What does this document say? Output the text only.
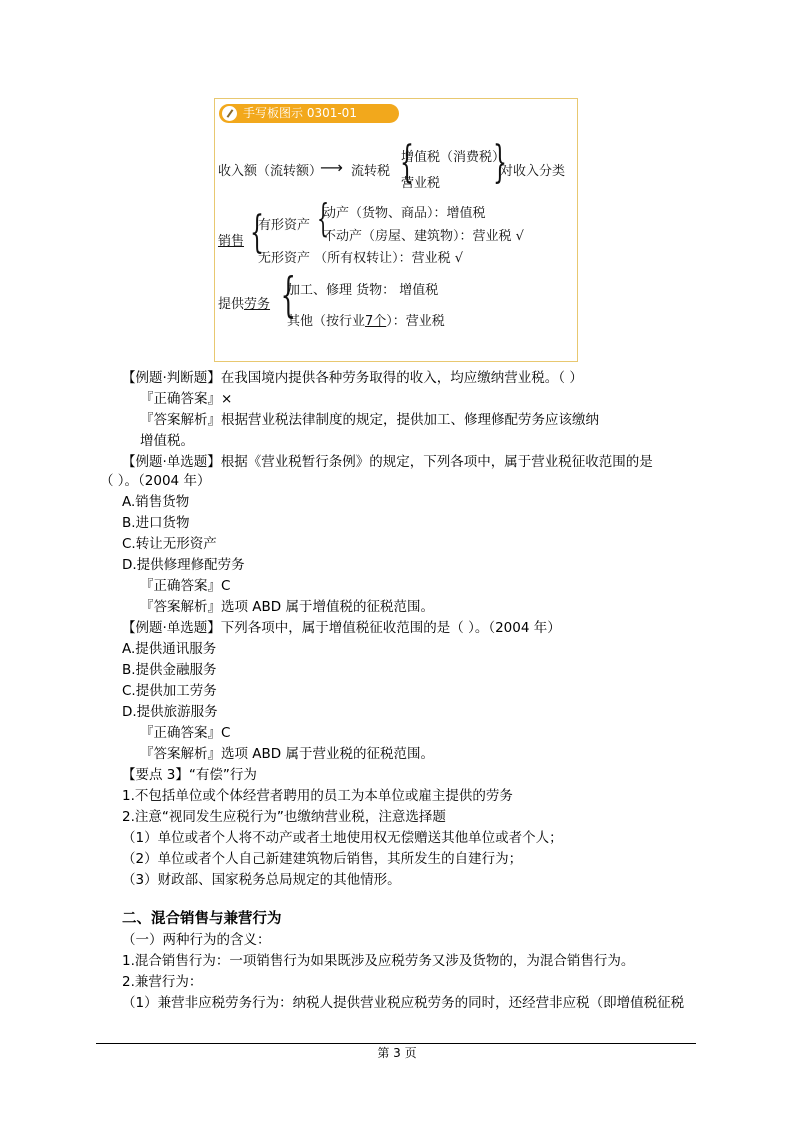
手写板图示 0301-01
收入额（流转额）
⟶ 流转税 {
增值税（消费税）
营业税 }
对收入分类
销售 {
有形资产 {
动产（货物、商品）：增值税
不动产（房屋、建筑物）：营业税 √
无形资产 （所有权转让）：营业税 √
提供劳务 {
加工、修理 货物： 增值税
其他（按行业7个）：营业税
【例题·判断题】在我国境内提供各种劳务取得的收入，均应缴纳营业税。（ ）
『正确答案』×
『答案解析』根据营业税法律制度的规定，提供加工、修理修配劳务应该缴纳
增值税。
【例题·单选题】根据《营业税暂行条例》的规定，下列各项中，属于营业税征收范围的是
（ ）。（2004 年）
A.销售货物
B.进口货物
C.转让无形资产
D.提供修理修配劳务
『正确答案』C
『答案解析』选项 ABD 属于增值税的征税范围。
【例题·单选题】下列各项中，属于增值税征收范围的是（ ）。（2004 年）
A.提供通讯服务
B.提供金融服务
C.提供加工劳务
D.提供旅游服务
『正确答案』C
『答案解析』选项 ABD 属于营业税的征税范围。
【要点 3】“有偿”行为
1.不包括单位或个体经营者聘用的员工为本单位或雇主提供的劳务
2.注意“视同发生应税行为”也缴纳营业税，注意选择题
（1）单位或者个人将不动产或者土地使用权无偿赠送其他单位或者个人；
（2）单位或者个人自己新建建筑物后销售，其所发生的自建行为；
（3）财政部、国家税务总局规定的其他情形。
二、混合销售与兼营行为
（一）两种行为的含义：
1.混合销售行为：一项销售行为如果既涉及应税劳务又涉及货物的，为混合销售行为。
2.兼营行为：
（1）兼营非应税劳务行为：纳税人提供营业税应税劳务的同时，还经营非应税（即增值税征税
第 3 页
